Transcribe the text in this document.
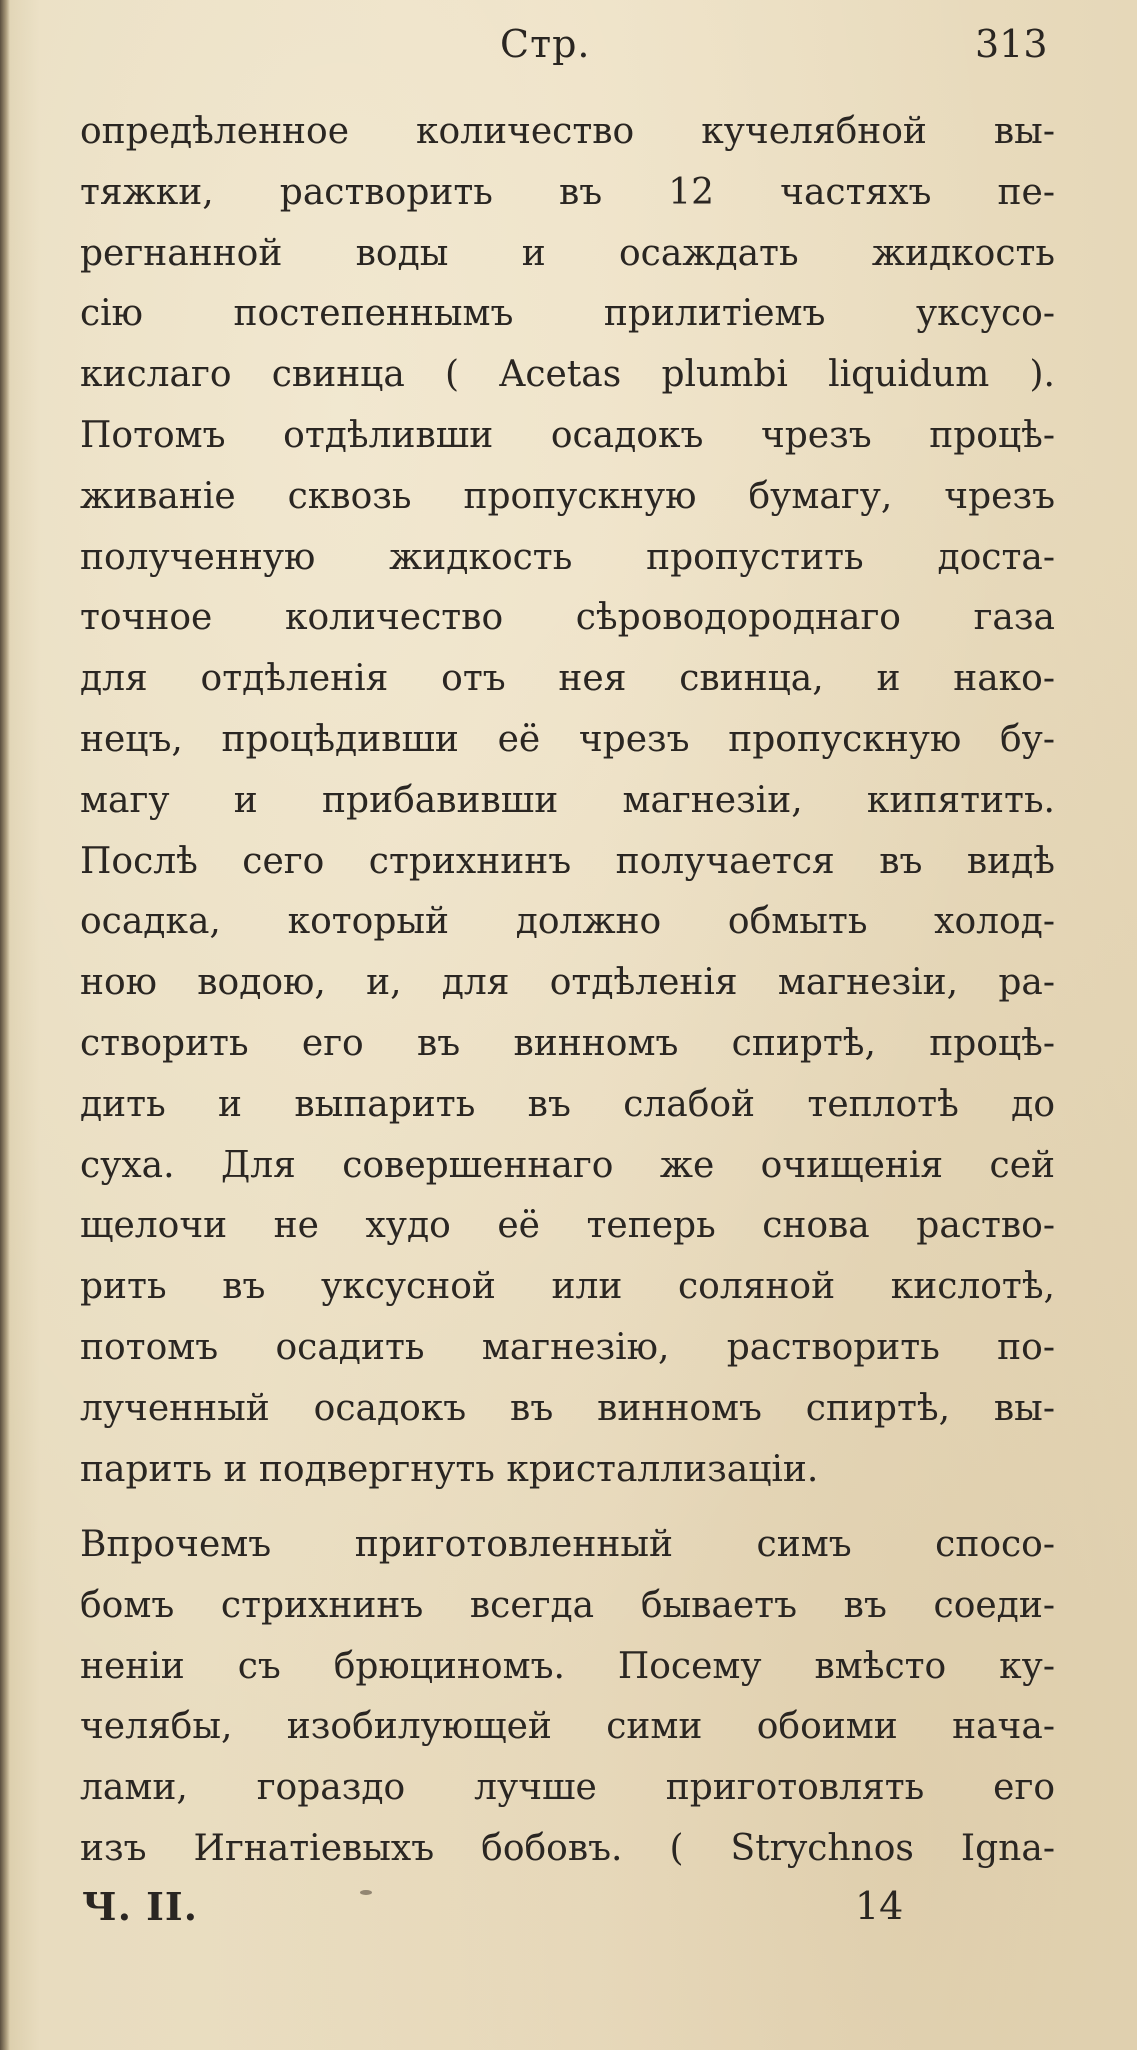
Стр.	313
опредѣленное количество кучелябной вы-
тяжки, растворить въ 12 частяхъ пе-
регнанной воды и осаждать жидкость
сію постепеннымъ прилитіемъ уксусо-
кислаго свинца ( Acetas plumbi liquidum ).
Потомъ отдѣливши осадокъ чрезъ процѣ-
живаніе сквозь пропускную бумагу, чрезъ
полученную жидкость пропустить доста-
точное количество сѣроводороднаго газа
для отдѣленія отъ нея свинца, и нако-
нецъ, процѣдивши её чрезъ пропускную бу-
магу и прибавивши магнезіи, кипятить.
Послѣ сего стрихнинъ получается въ видѣ
осадка, который должно обмыть холод-
ною водою, и, для отдѣленія магнезіи, ра-
створить его въ винномъ спиртѣ, процѣ-
дить и выпарить въ слабой теплотѣ до
суха. Для совершеннаго же очищенія сей
щелочи не худо её теперь снова раство-
рить въ уксусной или соляной кислотѣ,
потомъ осадить магнезію, растворить по-
лученный осадокъ въ винномъ спиртѣ, вы-
парить и подвергнуть кристаллизаціи.
Впрочемъ приготовленный симъ спосо-
бомъ стрихнинъ всегда бываетъ въ соеди-
неніи съ брюциномъ. Посему вмѣсто ку-
челябы, изобилующей сими обоими нача-
лами, гораздо лучше приготовлять его
изъ Игнатіевыхъ бобовъ. ( Strychnos Igna-
Ч. II.	14
